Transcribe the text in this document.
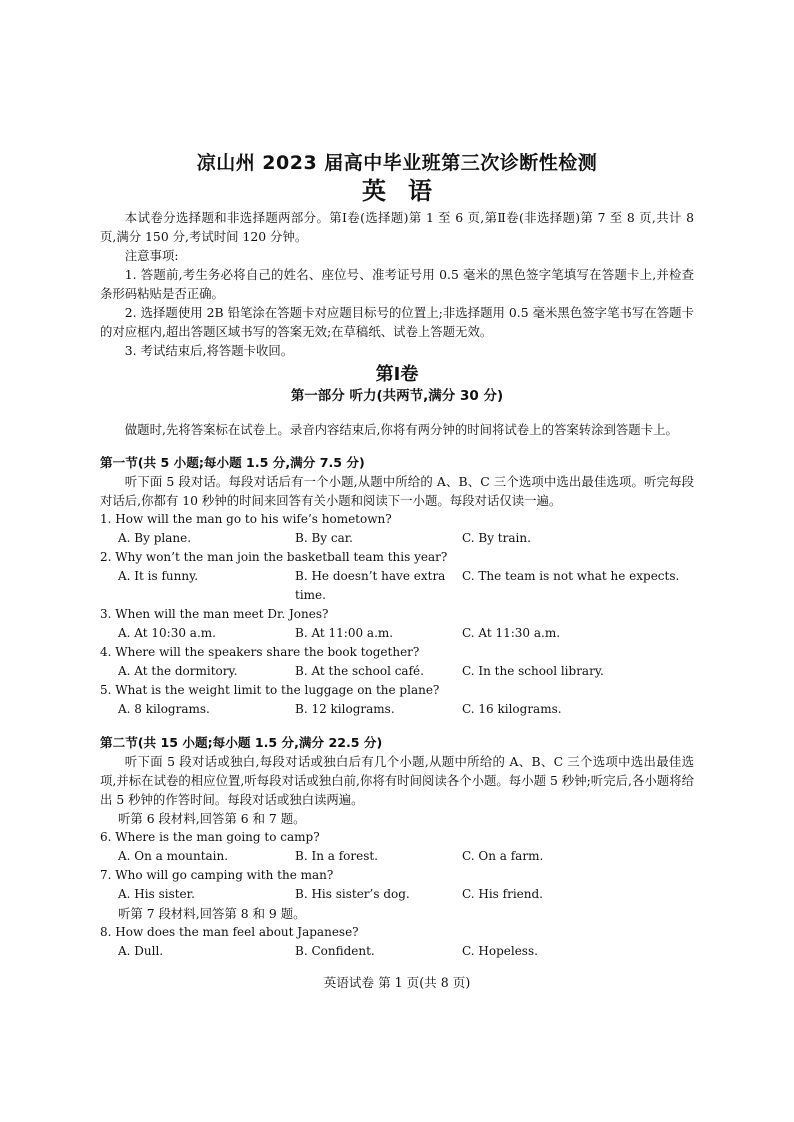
凉山州 2023 届高中毕业班第三次诊断性检测

英语

本试卷分选择题和非选择题两部分。第Ⅰ卷(选择题)第 1 至 6 页,第Ⅱ卷(非选择题)第 7 至 8 页,共计 8 页,满分 150 分,考试时间 120 分钟。

注意事项:

1. 答题前,考生务必将自己的姓名、座位号、准考证号用 0.5 毫米的黑色签字笔填写在答题卡上,并检查条形码粘贴是否正确。

2. 选择题使用 2B 铅笔涂在答题卡对应题目标号的位置上;非选择题用 0.5 毫米黑色签字笔书写在答题卡的对应框内,超出答题区域书写的答案无效;在草稿纸、试卷上答题无效。

3. 考试结束后,将答题卡收回。

第Ⅰ卷

第一部分 听力(共两节,满分 30 分)

做题时,先将答案标在试卷上。录音内容结束后,你将有两分钟的时间将试卷上的答案转涂到答题卡上。

第一节(共 5 小题;每小题 1.5 分,满分 7.5 分)

听下面 5 段对话。每段对话后有一个小题,从题中所给的 A、B、C 三个选项中选出最佳选项。听完每段对话后,你都有 10 秒钟的时间来回答有关小题和阅读下一小题。每段对话仅读一遍。

1. How will the man go to his wife’s hometown?

A. By plane.	B. By car.	C. By train.

2. Why won’t the man join the basketball team this year?

A. It is funny.	B. He doesn’t have extra time.
C. The team is not what he expects.

3. When will the man meet Dr. Jones?

A. At 10:30 a.m.	B. At 11:00 a.m.	C. At 11:30 a.m.

4. Where will the speakers share the book together?

A. At the dormitory.	B. At the school café.	C. In the school library.

5. What is the weight limit to the luggage on the plane?

A. 8 kilograms.	B. 12 kilograms.	C. 16 kilograms.

第二节(共 15 小题;每小题 1.5 分,满分 22.5 分)

听下面 5 段对话或独白,每段对话或独白后有几个小题,从题中所给的 A、B、C 三个选项中选出最佳选项,并标在试卷的相应位置,听每段对话或独白前,你将有时间阅读各个小题。每小题 5 秒钟;听完后,各小题将给出 5 秒钟的作答时间。每段对话或独白读两遍。

听第 6 段材料,回答第 6 和 7 题。

6. Where is the man going to camp?

A. On a mountain.	B. In a forest.	C. On a farm.

7. Who will go camping with the man?

A. His sister.	B. His sister’s dog.	C. His friend.

听第 7 段材料,回答第 8 和 9 题。

8. How does the man feel about Japanese?

A. Dull.	B. Confident.	C. Hopeless.
英语试卷 第 1 页(共 8 页)
